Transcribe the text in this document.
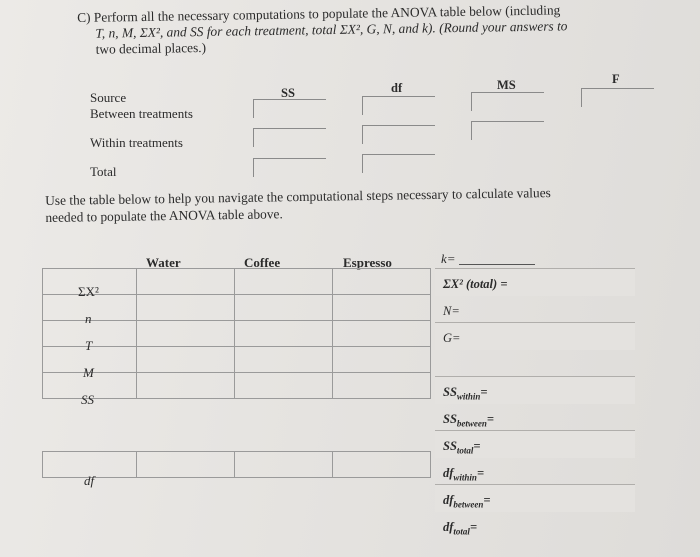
C) Perform all the necessary computations to populate the ANOVA table below (including
T, n, M, ΣX², and SS for each treatment, total ΣX², G, N, and k). (Round your answers to
two decimal places.)
SS	df	MS	F
Source
Between treatments
Within treatments
Total
Use the table below to help you navigate the computational steps necessary to calculate values
needed to populate the ANOVA table above.
Water	Coffee	Espresso

ΣX²
n
T
M
SS
df
k=
ΣX² (total) =
N=
G=
$SS_{within}=$
$SS_{between}=$
$SS_{total}=$
$df_{within}=$
$df_{between}=$
$df_{total}=$
